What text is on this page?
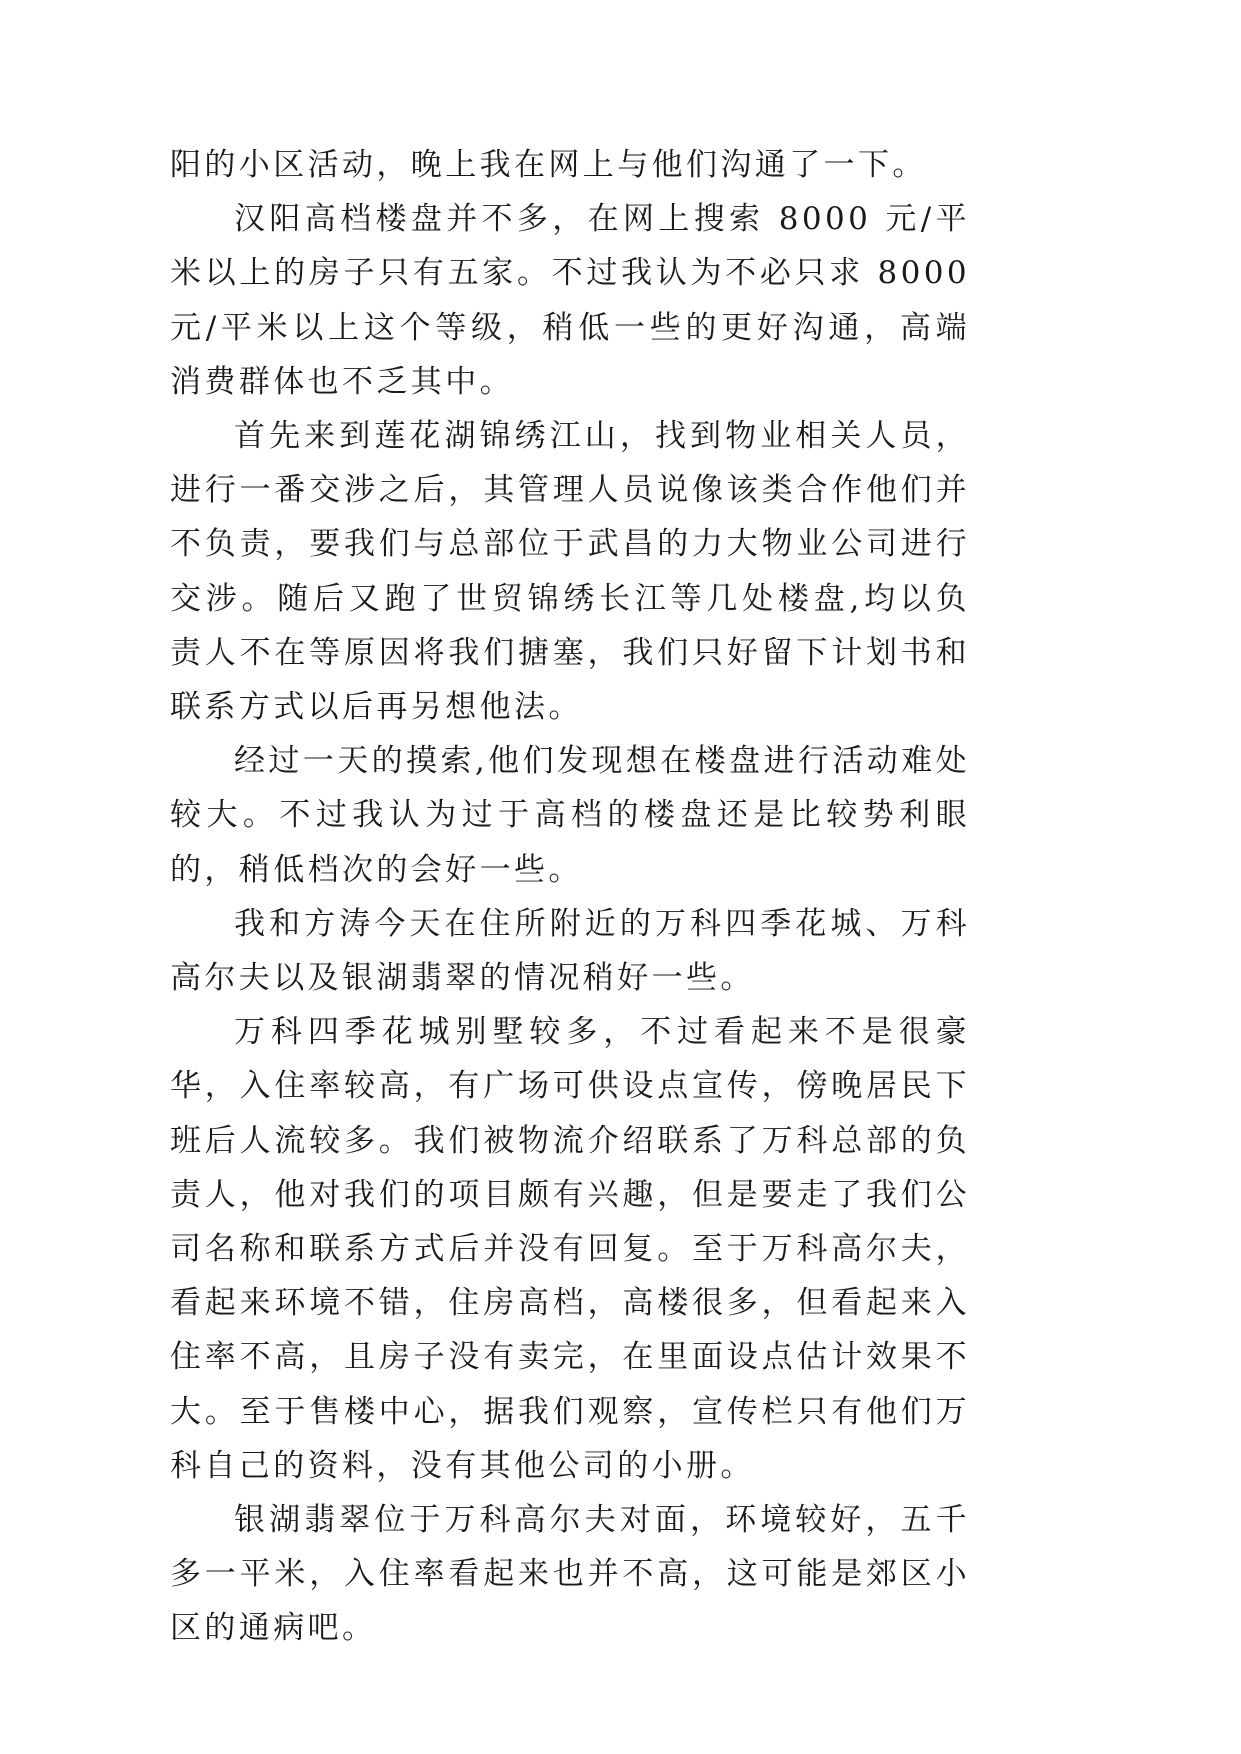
阳的小区活动，晚上我在网上与他们沟通了一下。

汉阳高档楼盘并不多，在网上搜索 8000 元/平米以上的房子只有五家。不过我认为不必只求 8000 元/平米以上这个等级，稍低一些的更好沟通，高端消费群体也不乏其中。

首先来到莲花湖锦绣江山，找到物业相关人员，进行一番交涉之后，其管理人员说像该类合作他们并不负责，要我们与总部位于武昌的力大物业公司进行交涉。随后又跑了世贸锦绣长江等几处楼盘,均以负责人不在等原因将我们搪塞，我们只好留下计划书和联系方式以后再另想他法。

经过一天的摸索,他们发现想在楼盘进行活动难处较大。不过我认为过于高档的楼盘还是比较势利眼的，稍低档次的会好一些。

我和方涛今天在住所附近的万科四季花城、万科高尔夫以及银湖翡翠的情况稍好一些。

万科四季花城别墅较多，不过看起来不是很豪华，入住率较高，有广场可供设点宣传，傍晚居民下班后人流较多。我们被物流介绍联系了万科总部的负责人，他对我们的项目颇有兴趣，但是要走了我们公司名称和联系方式后并没有回复。至于万科高尔夫，看起来环境不错，住房高档，高楼很多，但看起来入住率不高，且房子没有卖完，在里面设点估计效果不大。至于售楼中心，据我们观察，宣传栏只有他们万科自己的资料，没有其他公司的小册。

银湖翡翠位于万科高尔夫对面，环境较好，五千多一平米，入住率看起来也并不高，这可能是郊区小区的通病吧。
